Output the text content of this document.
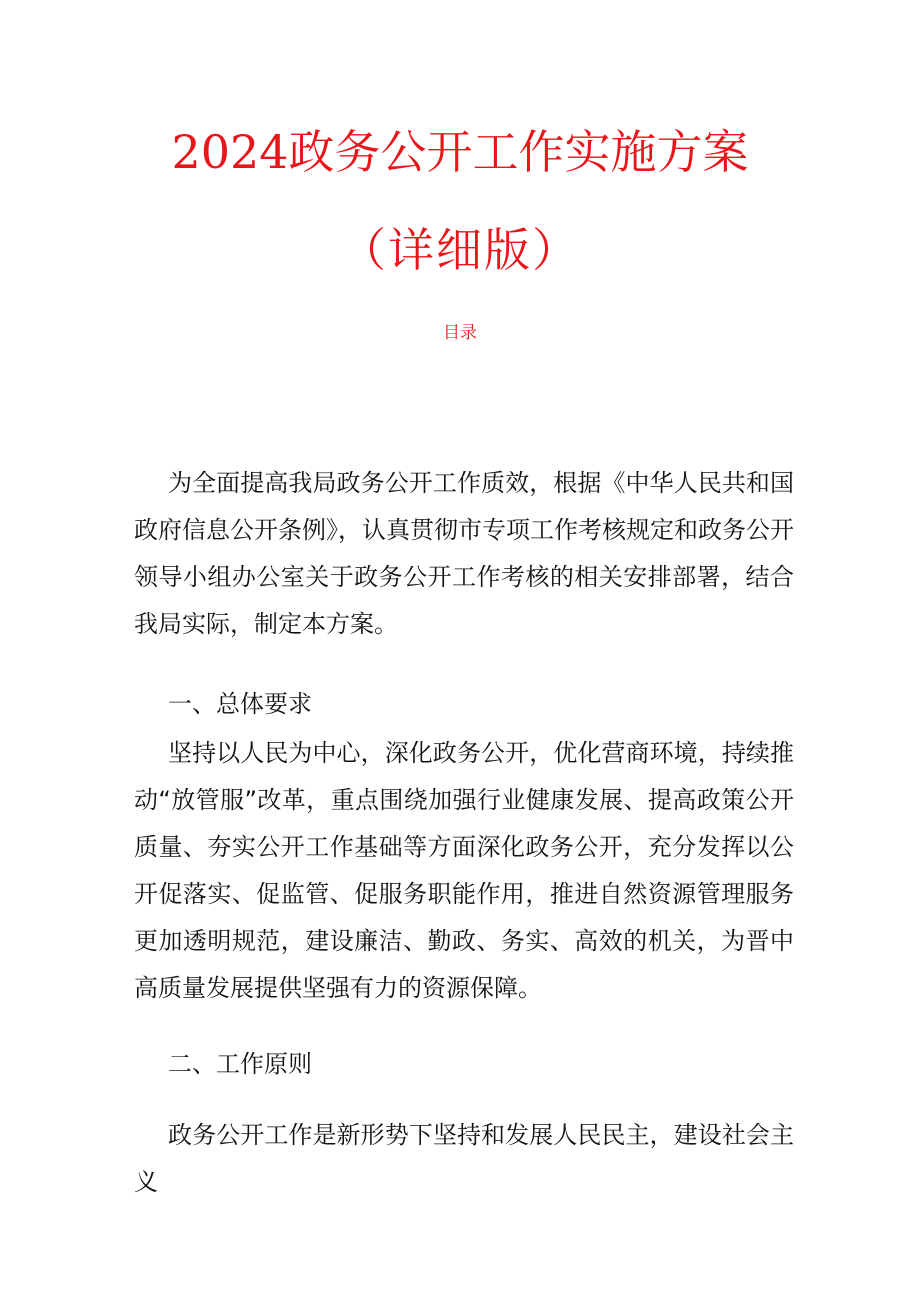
2024政务公开工作实施方案
（详细版）
目录
为全面提高我局政务公开工作质效，根据《中华人民共和国政府信息公开条例》，认真贯彻市专项工作考核规定和政务公开领导小组办公室关于政务公开工作考核的相关安排部署，结合我局实际，制定本方案。
一、总体要求
坚持以人民为中心，深化政务公开，优化营商环境，持续推动“放管服”改革，重点围绕加强行业健康发展、提高政策公开质量、夯实公开工作基础等方面深化政务公开，充分发挥以公开促落实、促监管、促服务职能作用，推进自然资源管理服务更加透明规范，建设廉洁、勤政、务实、高效的机关，为晋中高质量发展提供坚强有力的资源保障。
二、工作原则
政务公开工作是新形势下坚持和发展人民民主，建设社会主义
